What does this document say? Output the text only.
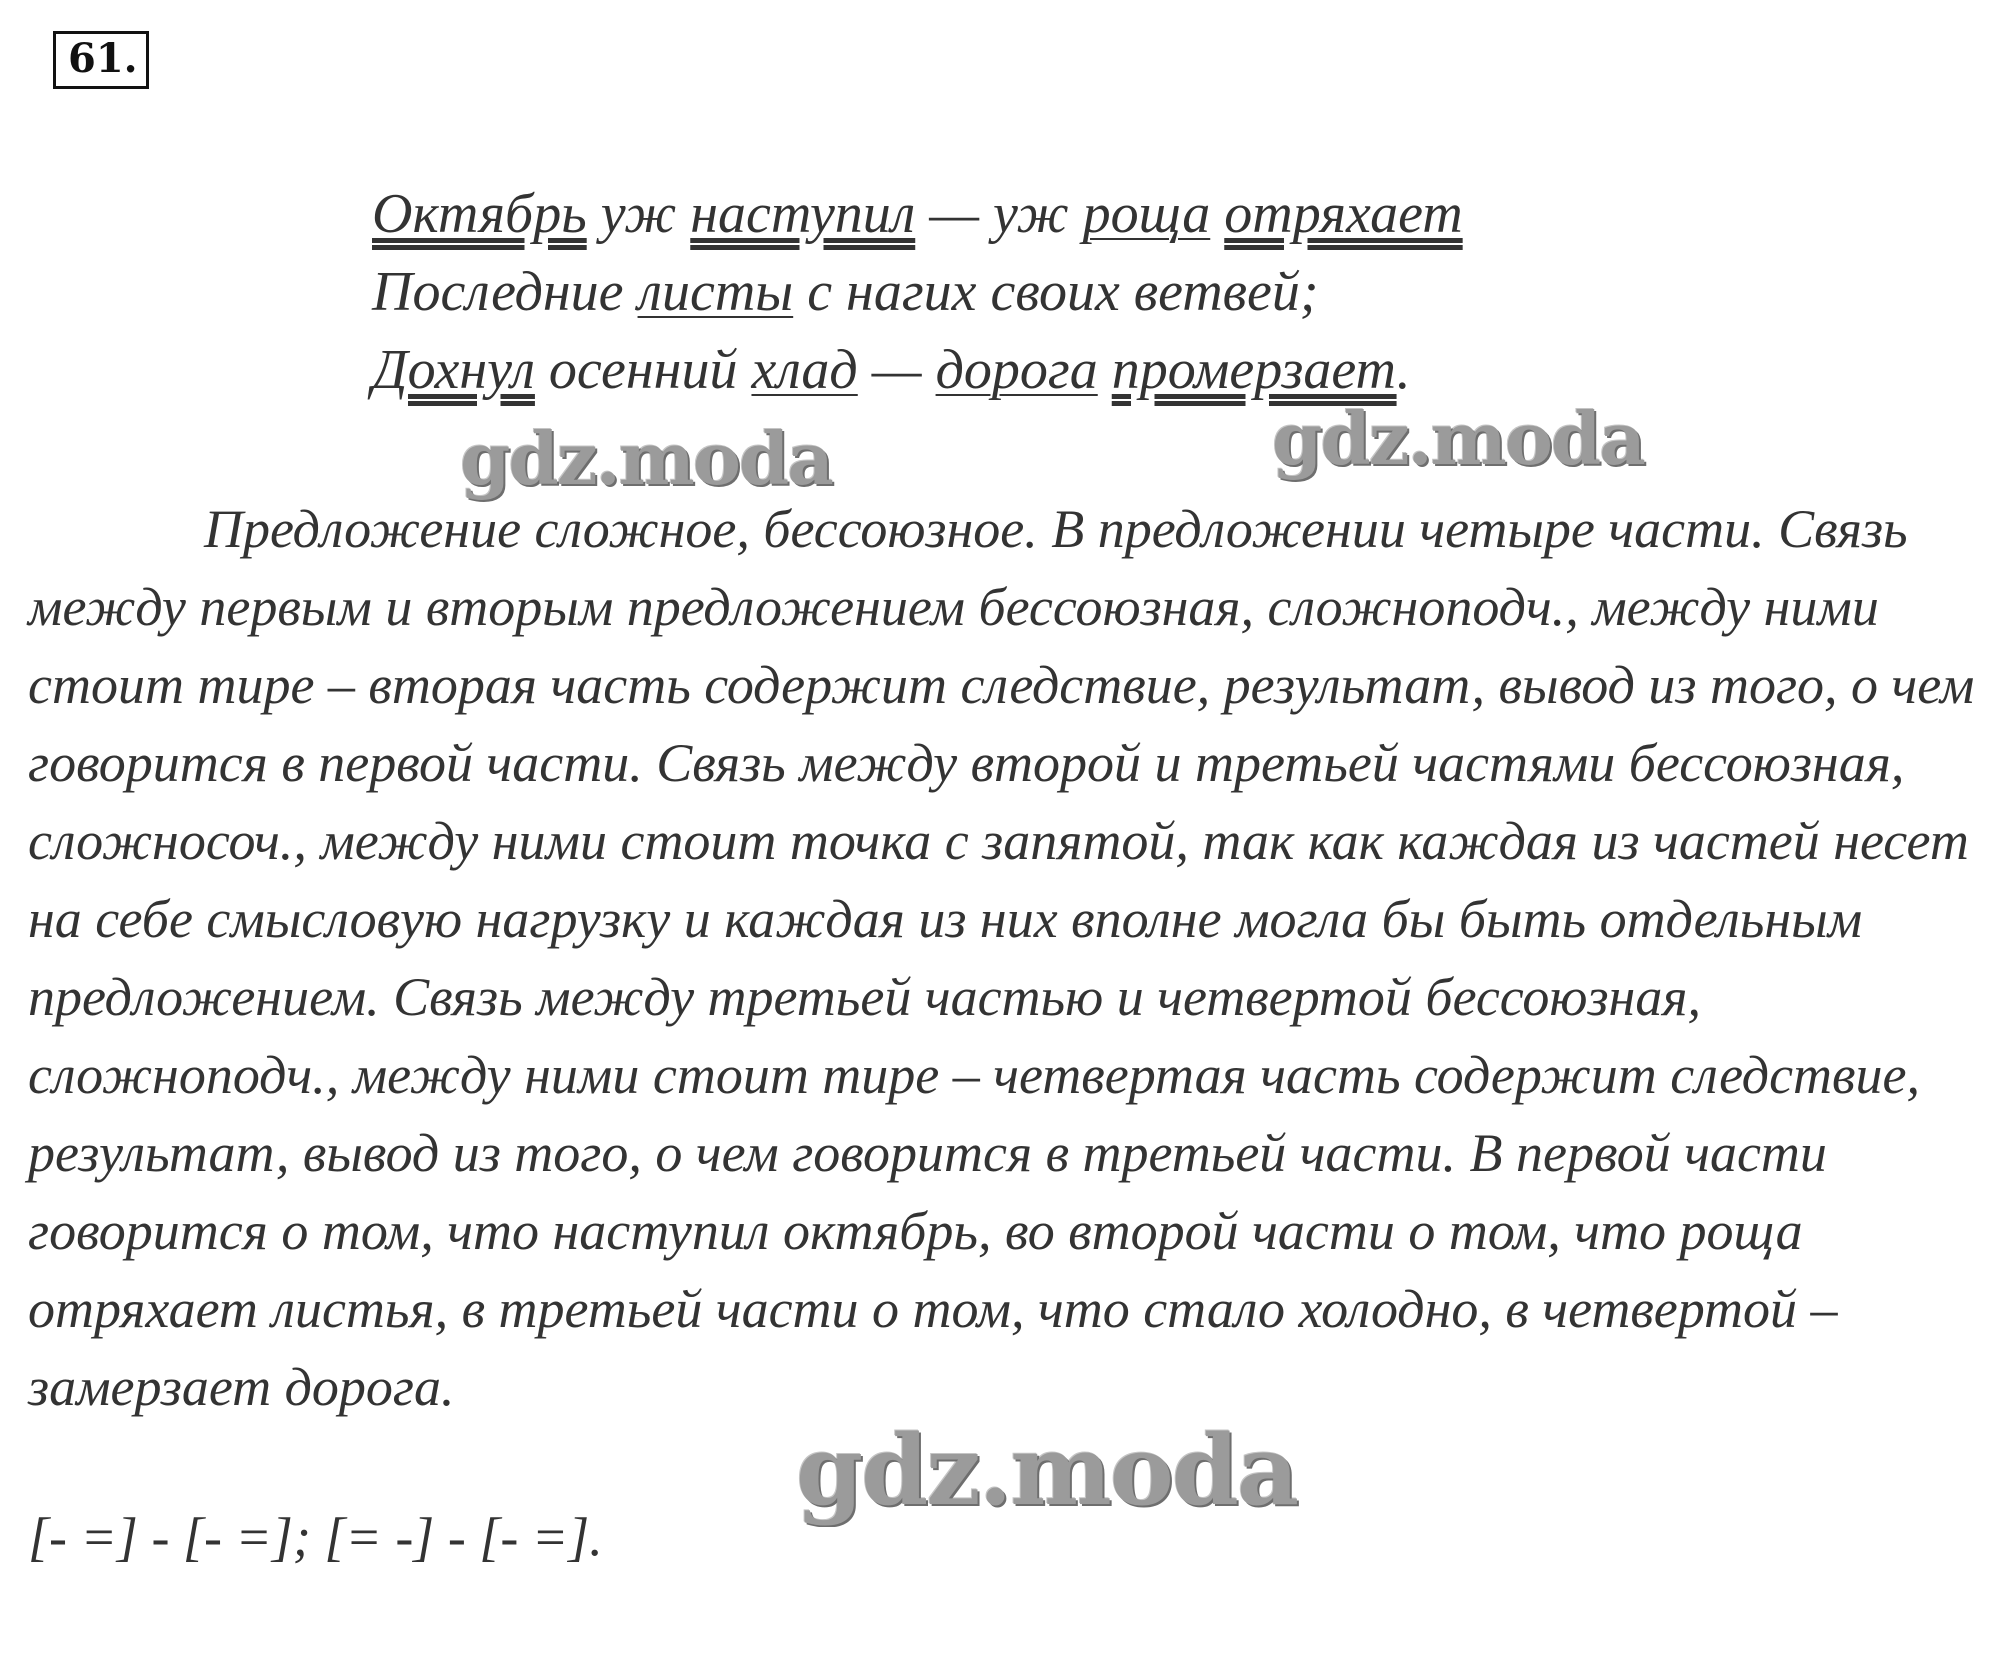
61.
Октябрь уж наступил — уж роща отряхает
Последние листы с нагих своих ветвей;
Дохнул осенний хлад — дорога промерзает.

Предложение сложное, бессоюзное. В предложении четыре части. Связь между первым и вторым предложением бессоюзная, сложноподч., между ними стоит тире – вторая часть содержит следствие, результат, вывод из того, о чем говорится в первой части. Связь между второй и третьей частями бессоюзная, сложносоч., между ними стоит точка с запятой, так как каждая из частей несет на себе смысловую нагрузку и каждая из них вполне могла бы быть отдельным предложением. Связь между третьей частью и четвертой бессоюзная, сложноподч., между ними стоит тире – четвертая часть содержит следствие, результат, вывод из того, о чем говорится в третьей части. В первой части говорится о том, что наступил октябрь, во второй части о том, что роща отряхает листья, в третьей части о том, что стало холодно, в четвертой – замерзает дорога.

[- =] - [- =]; [= -] - [- =].
gdz.moda	gdz.moda
gdz.moda
